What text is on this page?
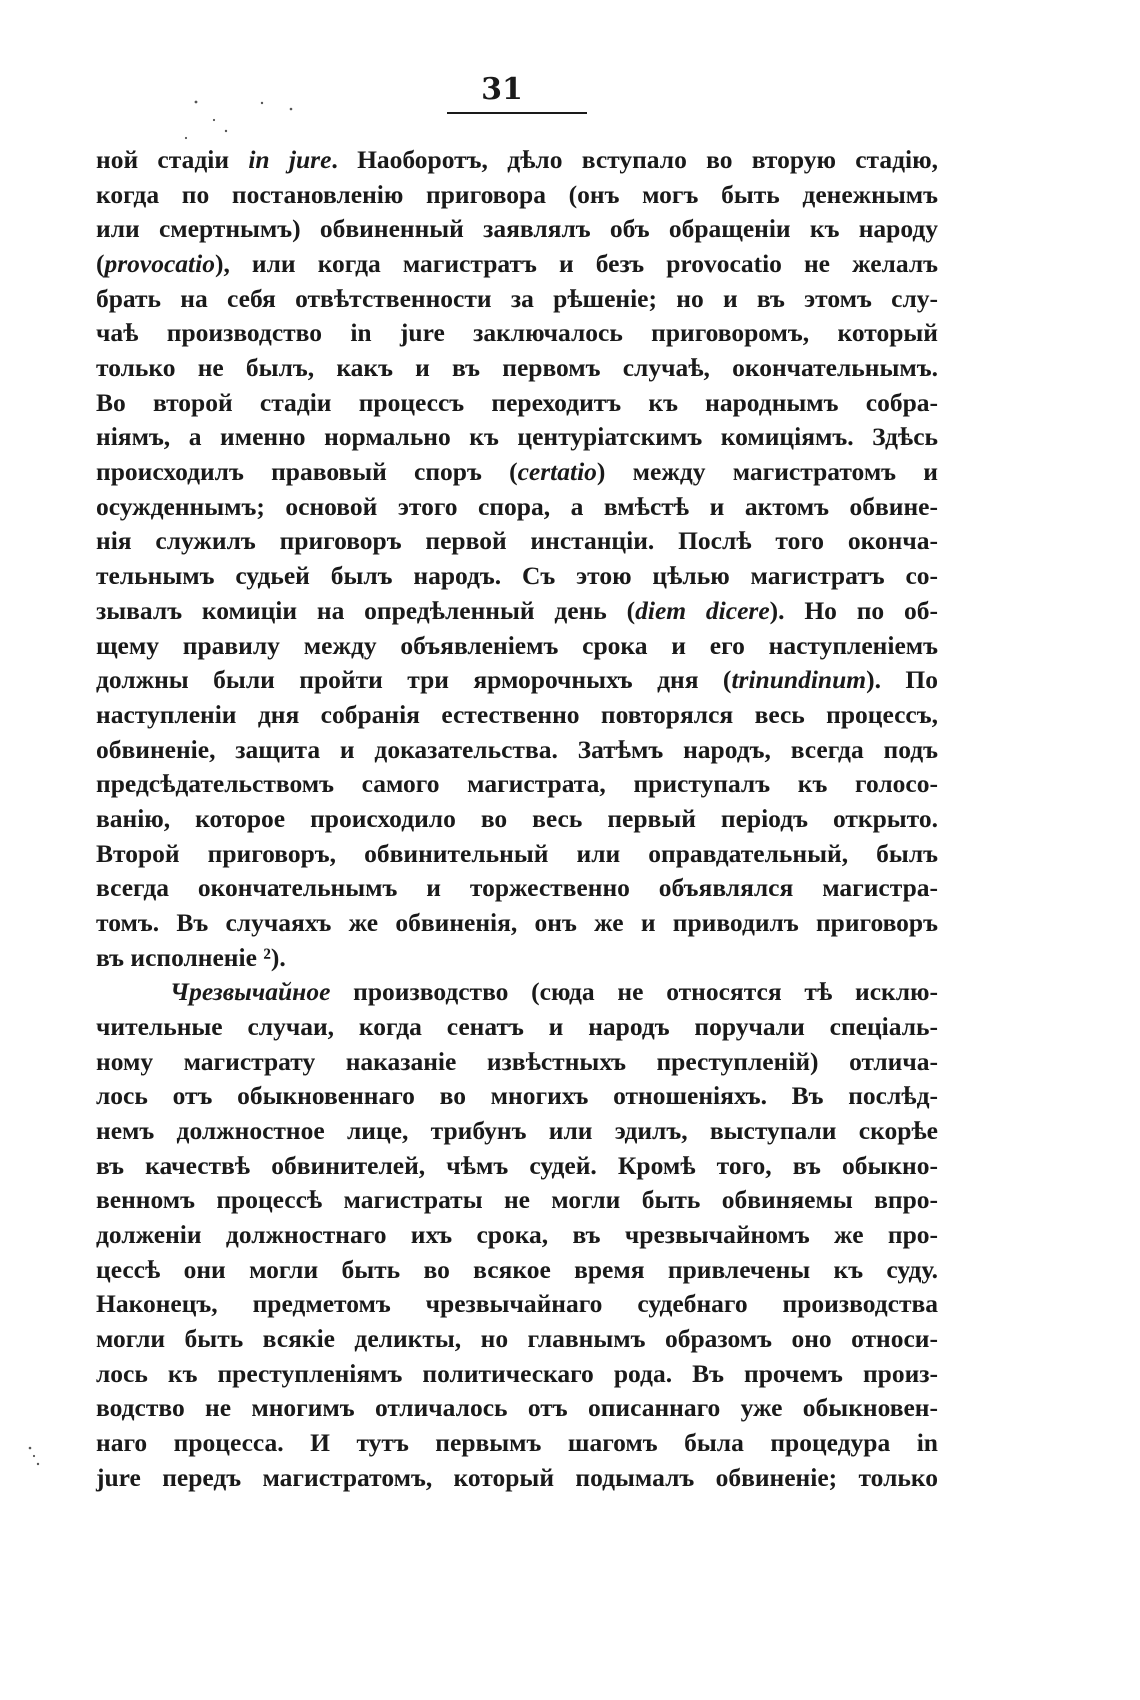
31
ной стадіи in jure. Наоборотъ, дѣло вступало во вторую стадію,
когда по постановленію приговора (онъ могъ быть денежнымъ
или смертнымъ) обвиненный заявлялъ объ обращеніи къ народу
(provocatio), или когда магистратъ и безъ provocatio не желалъ
брать на себя отвѣтственности за рѣшеніе; но и въ этомъ слу-
чаѣ производство in jure заключалось приговоромъ, который
только не былъ, какъ и въ первомъ случаѣ, окончательнымъ.
Во второй стадіи процессъ переходитъ къ народнымъ собра-
ніямъ, а именно нормально къ центуріатскимъ комиціямъ. Здѣсь
происходилъ правовый споръ (certatio) между магистратомъ и
осужденнымъ; основой этого спора, а вмѣстѣ и актомъ обвине-
нія служилъ приговоръ первой инстанціи. Послѣ того оконча-
тельнымъ судьей былъ народъ. Съ этою цѣлью магистратъ со-
зывалъ комиціи на опредѣленный день (diem dicere). Но по об-
щему правилу между объявленіемъ срока и его наступленіемъ
должны были пройти три ярморочныхъ дня (trinundinum). По
наступленіи дня собранія естественно повторялся весь процессъ,
обвиненіе, защита и доказательства. Затѣмъ народъ, всегда подъ
предсѣдательствомъ самого магистрата, приступалъ къ голосо-
ванію, которое происходило во весь первый періодъ открыто.
Второй приговоръ, обвинительный или оправдательный, былъ
всегда окончательнымъ и торжественно объявлялся магистра-
томъ. Въ случаяхъ же обвиненія, онъ же и приводилъ приговоръ
въ исполненіе ²).
Чрезвычайное производство (сюда не относятся тѣ исклю-
чительные случаи, когда сенатъ и народъ поручали спеціаль-
ному магистрату наказаніе извѣстныхъ преступленій) отлича-
лось отъ обыкновеннаго во многихъ отношеніяхъ. Въ послѣд-
немъ должностное лице, трибунъ или эдилъ, выступали скорѣе
въ качествѣ обвинителей, чѣмъ судей. Кромѣ того, въ обыкно-
венномъ процессѣ магистраты не могли быть обвиняемы впро-
долженіи должностнаго ихъ срока, въ чрезвычайномъ же про-
цессѣ они могли быть во всякое время привлечены къ суду.
Наконецъ, предметомъ чрезвычайнаго судебнаго производства
могли быть всякіе деликты, но главнымъ образомъ оно относи-
лось къ преступленіямъ политическаго рода. Въ прочемъ произ-
водство не многимъ отличалось отъ описаннаго уже обыкновен-
наго процесса. И тутъ первымъ шагомъ была процедура in
jure передъ магистратомъ, который подымалъ обвиненіе; только
